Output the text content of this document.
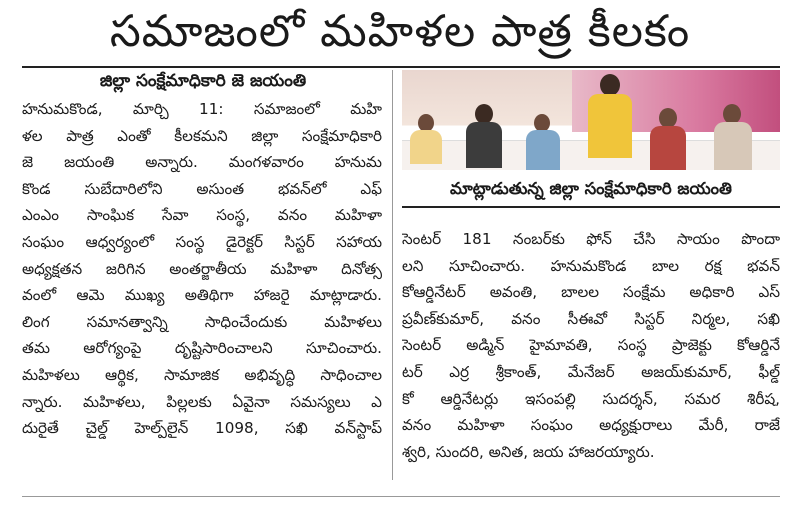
సమాజంలో మహిళల పాత్ర కీలకం
జిల్లా సంక్షేమాధికారి జె జయంతి
హనుమకొండ, మార్చి 11: సమాజంలో మహి
ళల పాత్ర ఎంతో కీలకమని జిల్లా సంక్షేమాధికారి
జె జయంతి అన్నారు. మంగళవారం హనుమ
కొండ సుబేదారిలోని అసుంత భవన్‌లో ఎఫ్
ఎంఎం సాంఘిక సేవా సంస్థ, వనం మహిళా
సంఘం ఆధ్వర్యంలో సంస్థ డైరెక్టర్ సిస్టర్ సహాయ
అధ్యక్షతన జరిగిన అంతర్జాతీయ మహిళా దినోత్స
వంలో ఆమె ముఖ్య అతిథిగా హాజరై మాట్లాడారు.
లింగ సమానత్వాన్ని సాధించేందుకు మహిళలు
తమ ఆరోగ్యంపై దృష్టిసారించాలని సూచించారు.
మహిళలు ఆర్థిక, సామాజిక అభివృద్ధి సాధించాల
న్నారు. మహిళలు, పిల్లలకు ఏవైనా సమస్యలు ఎ
దురైతే చైల్డ్ హెల్ప్‌లైన్ 1098, సఖి వన్‌స్టాప్
మాట్లాడుతున్న జిల్లా సంక్షేమాధికారి జయంతి
సెంటర్ 181 నంబర్‌కు ఫోన్ చేసి సాయం పొందా
లని సూచించారు. హనుమకొండ బాల రక్ష భవన్
కోఆర్డినేటర్ అవంతి, బాలల సంక్షేమ అధికారి ఎస్
ప్రవీణ్‌కుమార్, వనం సీఈవో సిస్టర్ నిర్మల, సఖి
సెంటర్ అడ్మిన్ హైమావతి, సంస్థ ప్రాజెక్టు కోఆర్డినే
టర్ ఎర్ర శ్రీకాంత్, మేనేజర్ అజయ్‌కుమార్, ఫీల్డ్
కో ఆర్డినేటర్లు ఇసంపల్లి సుదర్శన్, సమర శిరీష,
వనం మహిళా సంఘం అధ్యక్షురాలు మేరీ, రాజే
శ్వరి, సుందరి, అనిత, జయ హాజరయ్యారు.
